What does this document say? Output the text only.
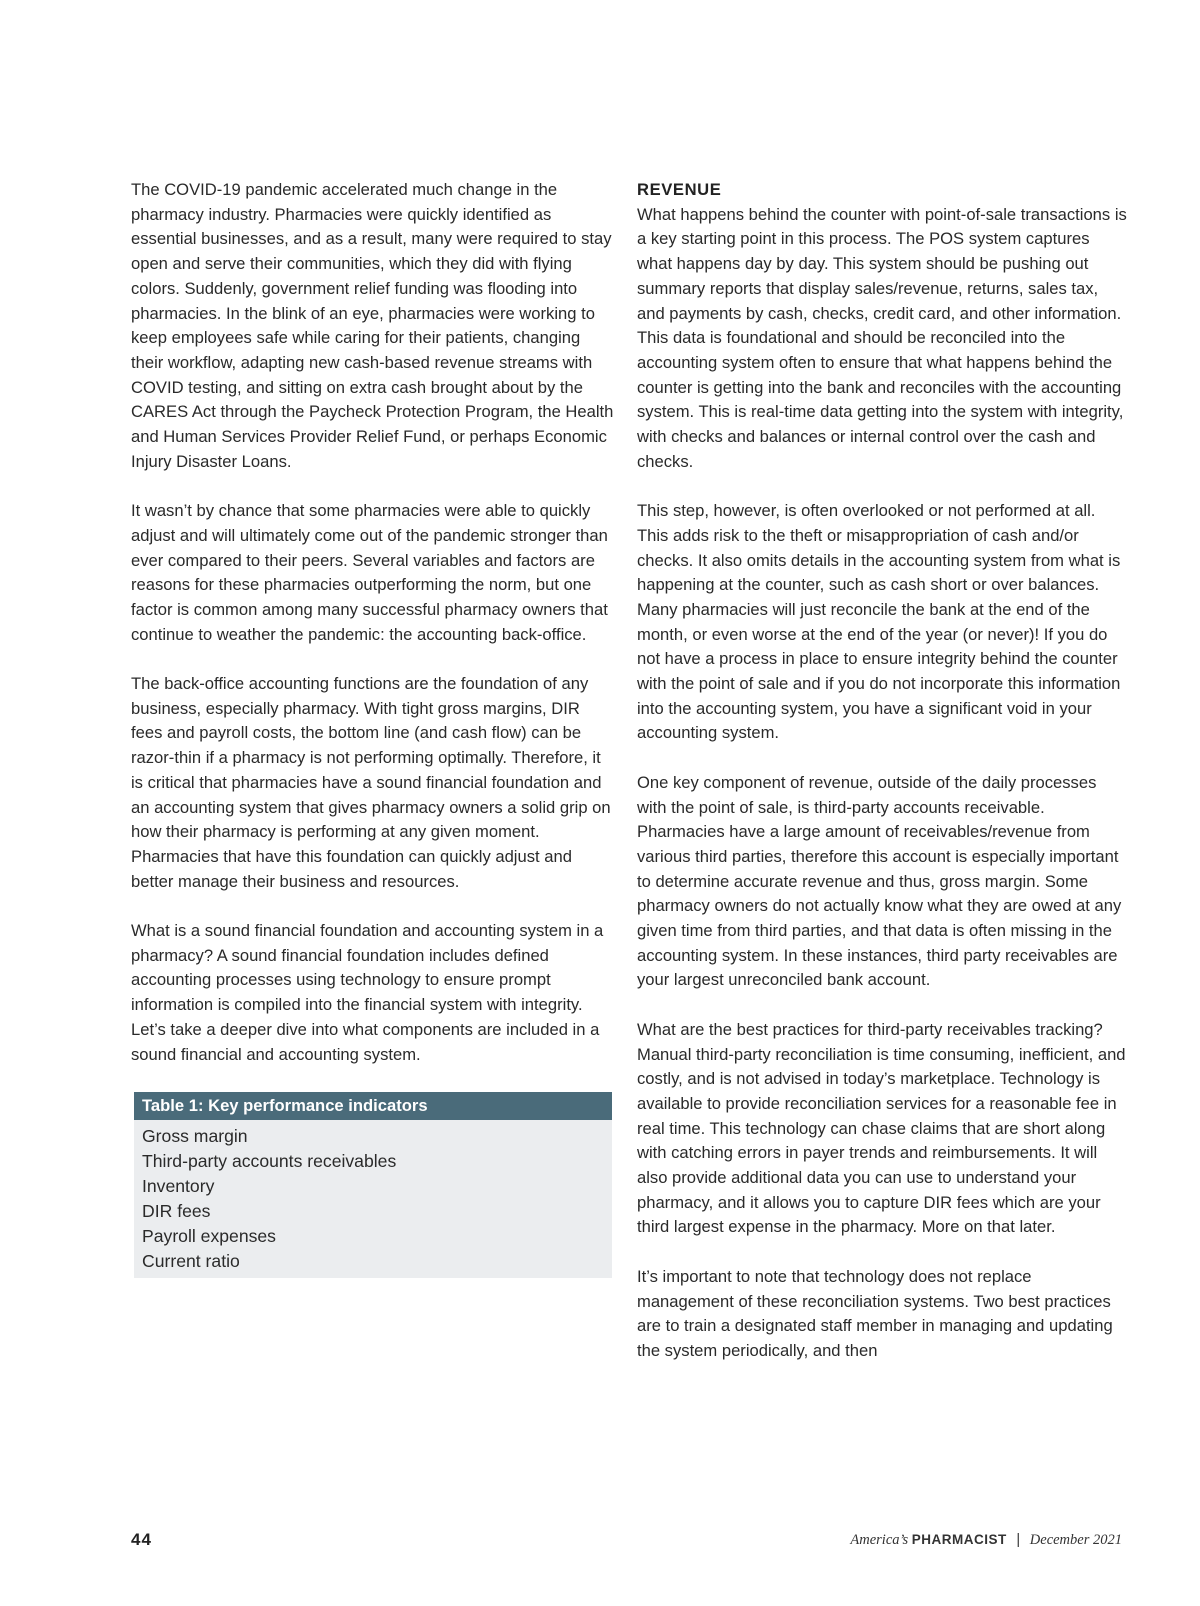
The COVID-19 pandemic accelerated much change in the pharmacy industry. Pharmacies were quickly identified as essential businesses, and as a result, many were required to stay open and serve their communities, which they did with flying colors. Suddenly, government relief funding was flooding into pharmacies. In the blink of an eye, pharmacies were working to keep employees safe while caring for their patients, changing their workflow, adapting new cash-based revenue streams with COVID testing, and sitting on extra cash brought about by the CARES Act through the Paycheck Protection Program, the Health and Human Services Provider Relief Fund, or perhaps Economic Injury Disaster Loans.

It wasn’t by chance that some pharmacies were able to quickly adjust and will ultimately come out of the pandemic stronger than ever compared to their peers. Several variables and factors are reasons for these pharmacies outperforming the norm, but one factor is common among many successful pharmacy owners that continue to weather the pandemic: the accounting back-office.

The back-office accounting functions are the foundation of any business, especially pharmacy. With tight gross margins, DIR fees and payroll costs, the bottom line (and cash flow) can be razor-thin if a pharmacy is not performing optimally. Therefore, it is critical that pharmacies have a sound financial foundation and an accounting system that gives pharmacy owners a solid grip on how their pharmacy is performing at any given moment. Pharmacies that have this foundation can quickly adjust and better manage their business and resources.

What is a sound financial foundation and accounting system in a pharmacy? A sound financial foundation includes defined accounting processes using technology to ensure prompt information is compiled into the financial system with integrity. Let’s take a deeper dive into what components are included in a sound financial and accounting system.

Table 1: Key performance indicators
Gross margin
Third-party accounts receivables
Inventory
DIR fees
Payroll expenses
Current ratio
REVENUE

What happens behind the counter with point-of-sale transactions is a key starting point in this process. The POS system captures what happens day by day. This system should be pushing out summary reports that display sales/revenue, returns, sales tax, and payments by cash, checks, credit card, and other information. This data is foundational and should be reconciled into the accounting system often to ensure that what happens behind the counter is getting into the bank and reconciles with the accounting system. This is real-time data getting into the system with integrity, with checks and balances or internal control over the cash and checks.

This step, however, is often overlooked or not performed at all. This adds risk to the theft or misappropriation of cash and/or checks. It also omits details in the accounting system from what is happening at the counter, such as cash short or over balances. Many pharmacies will just reconcile the bank at the end of the month, or even worse at the end of the year (or never)! If you do not have a process in place to ensure integrity behind the counter with the point of sale and if you do not incorporate this information into the accounting system, you have a significant void in your accounting system.

One key component of revenue, outside of the daily processes with the point of sale, is third-party accounts receivable. Pharmacies have a large amount of receivables/revenue from various third parties, therefore this account is especially important to determine accurate revenue and thus, gross margin. Some pharmacy owners do not actually know what they are owed at any given time from third parties, and that data is often missing in the accounting system. In these instances, third party receivables are your largest unreconciled bank account.

What are the best practices for third-party receivables tracking? Manual third-party reconciliation is time consuming, inefficient, and costly, and is not advised in today’s marketplace. Technology is available to provide reconciliation services for a reasonable fee in real time. This technology can chase claims that are short along with catching errors in payer trends and reimbursements. It will also provide additional data you can use to understand your pharmacy, and it allows you to capture DIR fees which are your third largest expense in the pharmacy. More on that later.

It’s important to note that technology does not replace management of these reconciliation systems. Two best practices are to train a designated staff member in managing and updating the system periodically, and then

44	America’s PHARMACIST | December 2021
